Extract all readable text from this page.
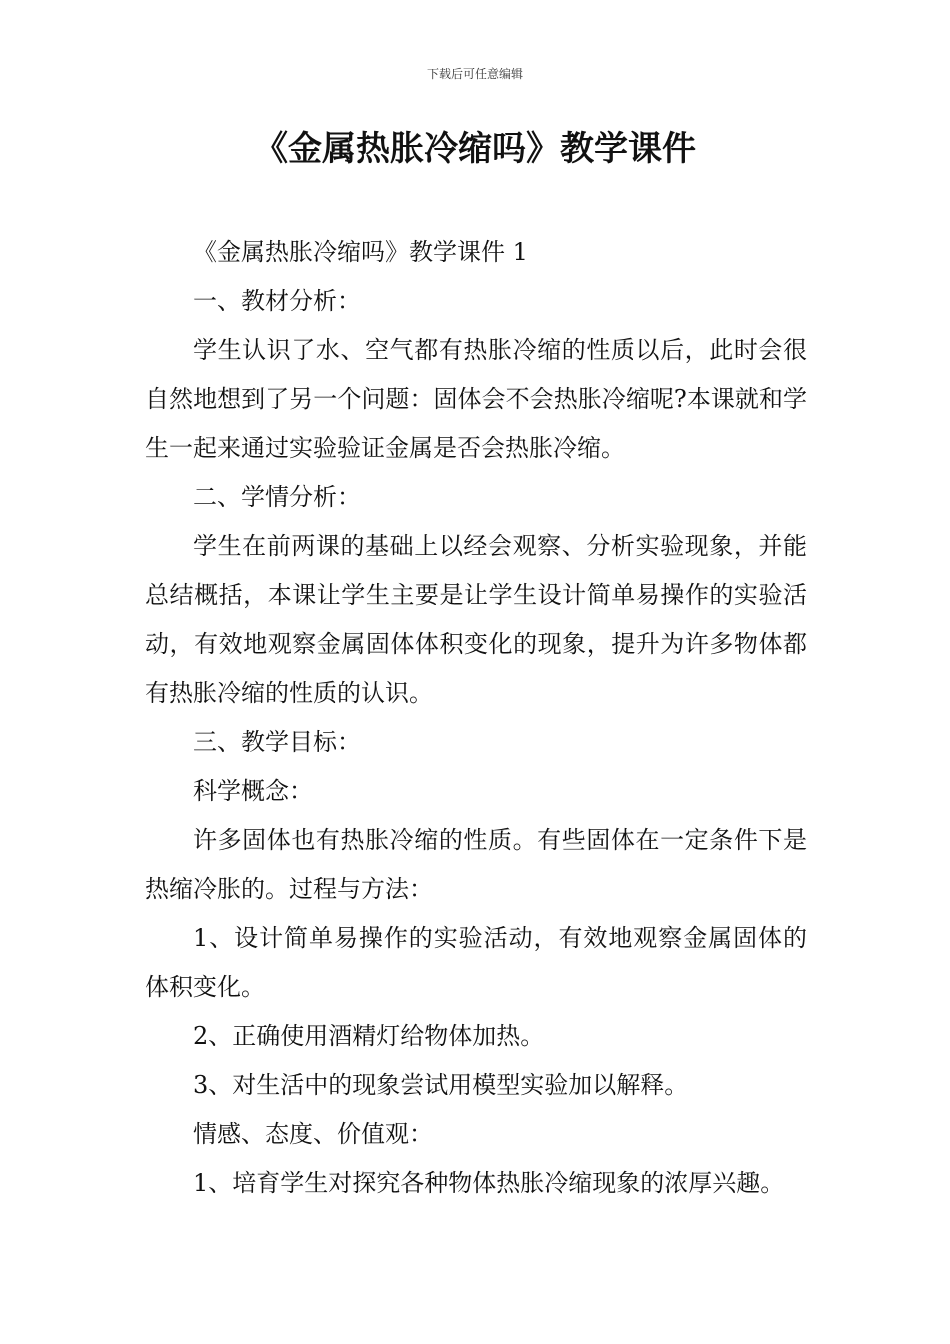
下载后可任意编辑
《金属热胀冷缩吗》教学课件

《金属热胀冷缩吗》教学课件 1

一、教材分析：

学生认识了水、空气都有热胀冷缩的性质以后，此时会很自然地想到了另一个问题：固体会不会热胀冷缩呢?本课就和学生一起来通过实验验证金属是否会热胀冷缩。

二、学情分析：

学生在前两课的基础上以经会观察、分析实验现象，并能总结概括，本课让学生主要是让学生设计简单易操作的实验活动，有效地观察金属固体体积变化的现象，提升为许多物体都有热胀冷缩的性质的认识。

三、教学目标：

科学概念：

许多固体也有热胀冷缩的性质。有些固体在一定条件下是热缩冷胀的。过程与方法：

1、设计简单易操作的实验活动，有效地观察金属固体的体积变化。

2、正确使用酒精灯给物体加热。

3、对生活中的现象尝试用模型实验加以解释。

情感、态度、价值观：

1、培育学生对探究各种物体热胀冷缩现象的浓厚兴趣。
